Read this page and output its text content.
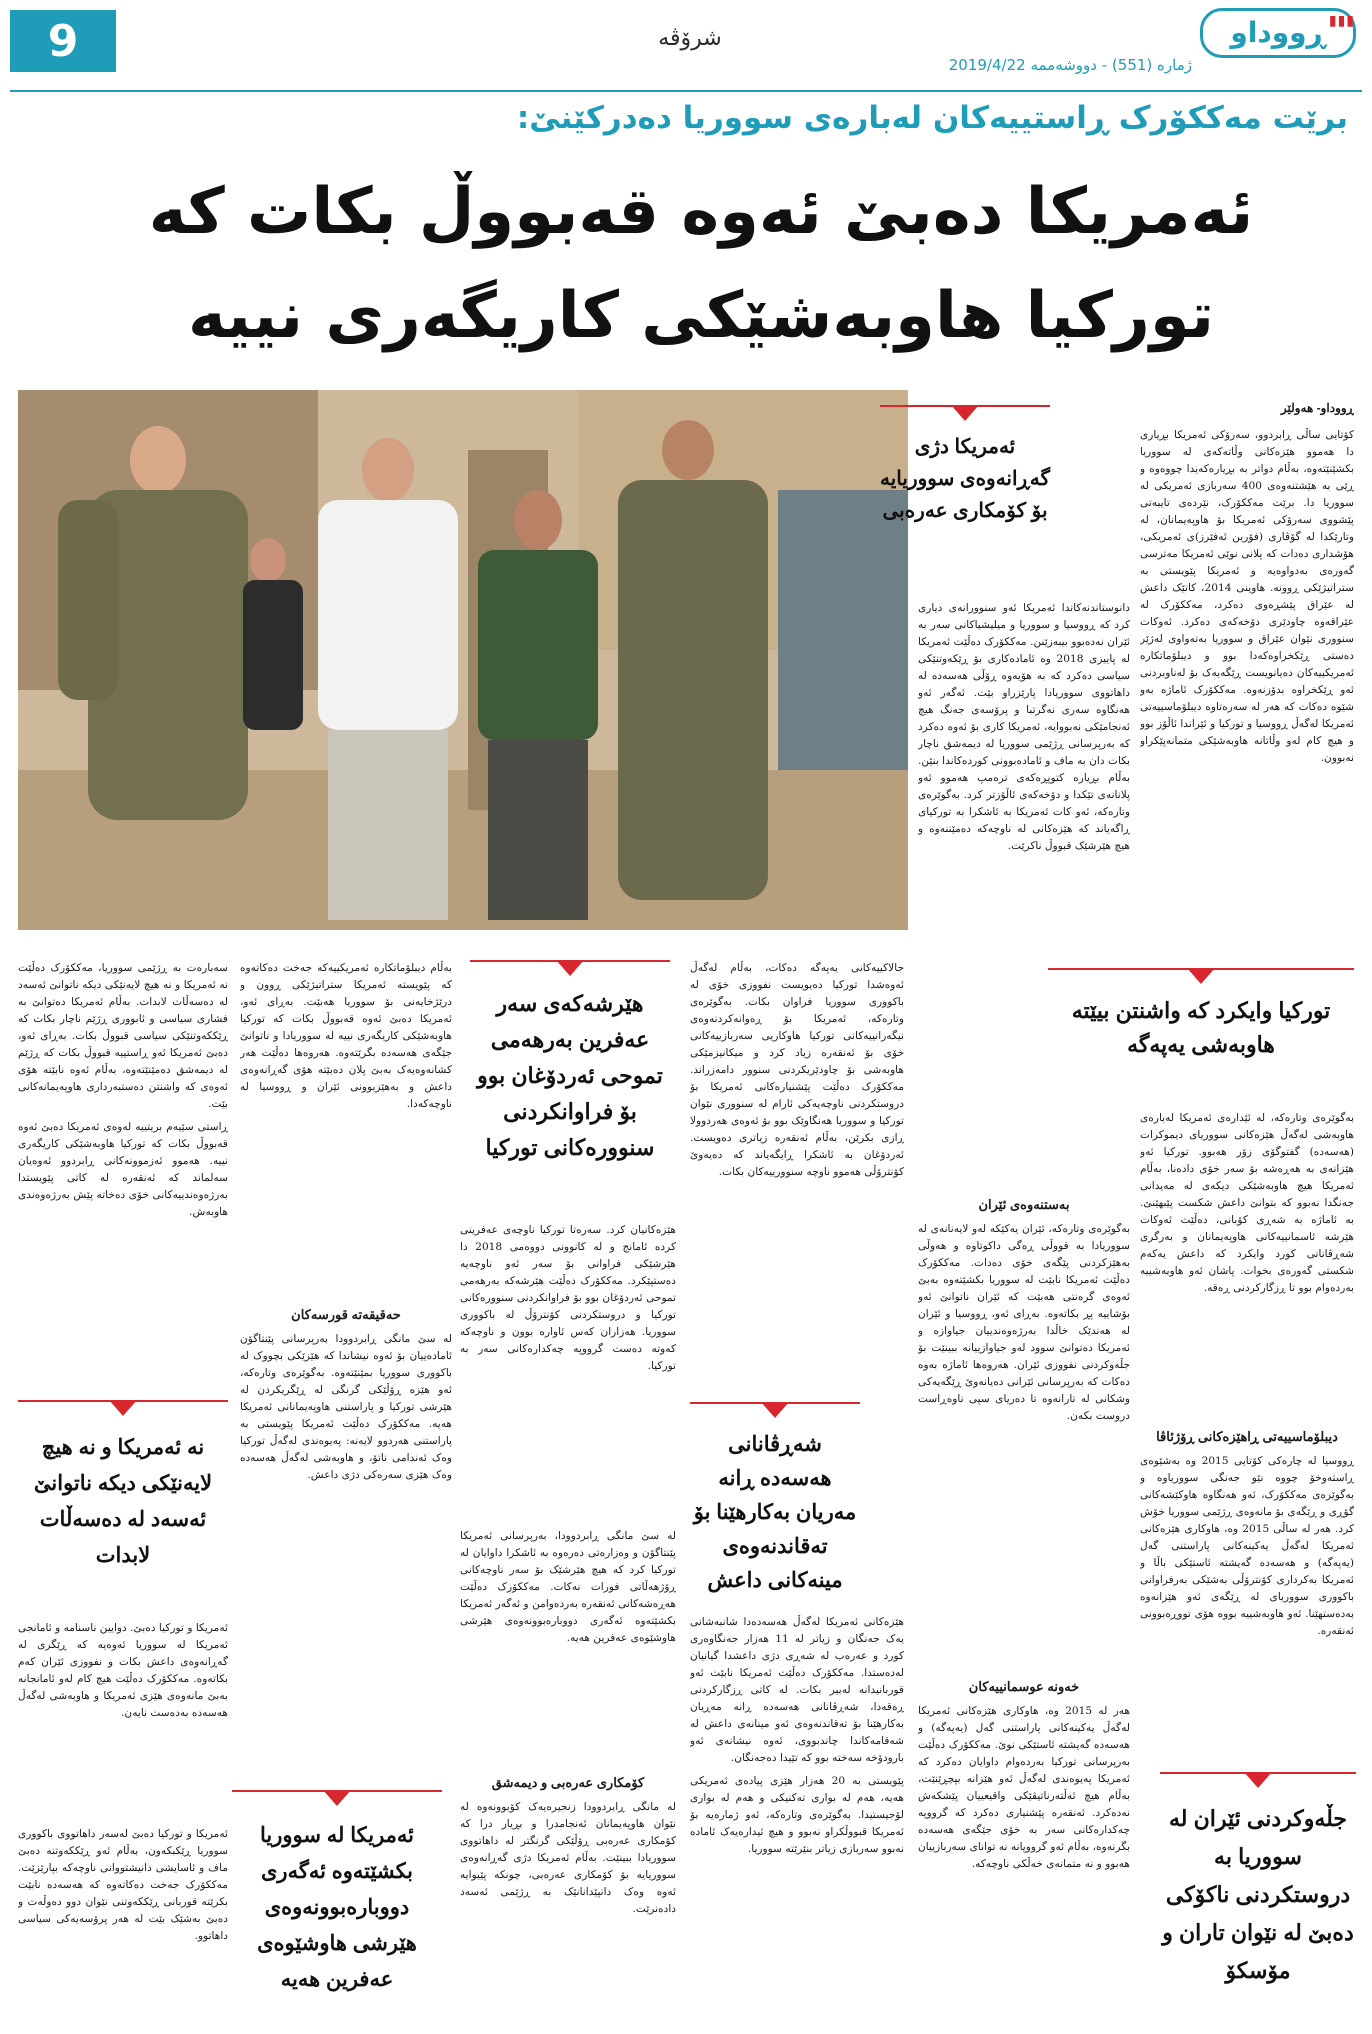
9	شرۆڤە	ڕووداو ▮▮▮
ژمارە (551) - دووشەممە 2019/4/22
برێت مەککۆرک ڕاستییەکان لەبارەی سووریا دەدرکێنێ:
ئەمریکا دەبێ ئەوە قەبووڵ بکات کە تورکیا هاوبەشێکی کاریگەری نییە
ئەمریکا دژی گەڕانەوەی سووریایە بۆ کۆمکاری عەرەبی
تورکیا وایکرد کە واشنتن بیێتە هاوبەشی یەپەگە
هێرشەکەی سەر عەفرین بەرهەمی تموحی ئەردۆغان بوو بۆ فراوانکردنی سنوورەکانی تورکیا
شەڕڤانانی هەسەدە ڕانە مەریان بەکارهێنا بۆ تەقاندنەوەی مینەکانی داعش
نە ئەمریکا و نە هیچ لایەنێکی دیکە ناتوانێ ئەسەد لە دەسەڵات لابدات
ئەمریکا لە سووریا بکشێتەوە ئەگەری دووبارەبوونەوەی هێرشی هاوشێوەی عەفرین هەیە
جڵەوکردنی ئێران لە سووریا بە دروستکردنی ناکۆکی دەبێ لە نێوان تاران و مۆسکۆ

ڕووداو- هەولێر

کۆتایی ساڵی ڕابردوو، سەرۆکی ئەمریکا بڕیاری دا هەموو هێزەکانی وڵاتەکەی لە سووریا بکشێنێتەوە، بەڵام دواتر بە بڕیارەکەیدا چووەوە و ڕێی بە هێشتنەوەی 400 سەربازی ئەمریکی لە سووریا دا. برێت مەککۆرک، نێردەی تایبەتی پێشووی سەرۆکی ئەمریکا بۆ هاوپەیمانان، لە وتارێکدا لە گۆڤاری (فۆرین ئەفێرز)ی ئەمریکی، هۆشداری دەدات کە پلانی نوێی ئەمریکا مەترسی گەورەی بەدواوەیە و ئەمریکا پێویستی بە ستراتیژێکی ڕوونە. هاوینی 2014، کاتێک داعش لە عێراق پێشڕەوی دەکرد، مەککۆرک لە عێراقەوە چاودێری دۆخەکەی دەکرد. ئەوکات سنووری نێوان عێراق و سووریا بەتەواوی لەژێر دەستی ڕێکخراوەکەدا بوو و دیبلۆماتکارە ئەمریکییەکان دەیانویست ڕێگەیەک بۆ لەناوبردنی ئەو ڕێکخراوە بدۆزنەوە. مەککۆرک ئاماژە بەو شێوە دەکات کە هەر لە سەرەتاوە دیبلۆماسییەتی ئەمریکا لەگەڵ ڕووسیا و تورکیا و ئێراندا ئاڵۆز بوو و هیچ کام لەو وڵاتانە هاوبەشێکی متمانەپێکراو نەبوون.

بەگوێرەی وتارەکە، لە ئێدارەی ئەمریکا لەبارەی هاوبەشی لەگەڵ هێزەکانی سووریای دیموکرات (هەسەدە) گفتوگۆی زۆر هەبوو. تورکیا ئەو هێزانەی بە هەڕەشە بۆ سەر خۆی دادەنا، بەڵام ئەمریکا هیچ هاوبەشێکی دیکەی لە مەیدانی جەنگدا نەبوو کە بتوانێ داعش شکست پێبهێنێ. بە ئاماژە بە شەڕی کۆبانی، دەڵێت ئەوکات هێرشە ئاسمانییەکانی هاوپەیمانان و بەرگری شەڕڤانانی کورد وایکرد کە داعش یەکەم شکستی گەورەی بخوات. پاشان ئەو هاوبەشییە بەردەوام بوو تا ڕزگارکردنی ڕەقە.

دیبلۆماسییەتی ڕاهێزەکانی ڕۆژئاڤا

ڕووسیا لە چارەکی کۆتایی 2015 وە بەشێوەی ڕاستەوخۆ چووە نێو جەنگی سووریاوە و بەگوێرەی مەککۆرک، ئەو هەنگاوە هاوکێشەکانی گۆڕی و ڕێگەی بۆ مانەوەی ڕژێمی سووریا خۆش کرد. هەر لە ساڵی 2015 وە، هاوکاری هێزەکانی ئەمریکا لەگەڵ یەکینەکانی پاراستنی گەل (یەپەگە) و هەسەدە گەیشتە ئاستێکی باڵا و ئەمریکا بەکرداری کۆنترۆڵی بەشێکی بەرفراوانی باکووری سووریای لە ڕێگەی ئەو هێزانەوە بەدەستهێنا. ئەو هاوبەشییە بووە هۆی تووڕەبوونی ئەنقەرە.

دانوستاندنەکاندا ئەمریکا ئەو سنوورانەی دیاری کرد کە ڕووسیا و سووریا و میلیشیاکانی سەر بە ئێران نەدەبوو بیبەزێنن. مەککۆرک دەڵێت ئەمریکا لە پاییزی 2018 وە ئامادەکاری بۆ ڕێکەوتنێکی سیاسی دەکرد کە بە هۆیەوە ڕۆڵی هەسەدە لە داهاتووی سووریادا پارێزراو بێت. ئەگەر ئەو هەنگاوە سەری نەگرتبا و پرۆسەی جەنگ هیچ ئەنجامێکی نەبووایە، ئەمریکا کاری بۆ ئەوە دەکرد کە بەرپرسانی ڕژێمی سووریا لە دیمەشق ناچار بکات دان بە ماف و ئامادەبوونی کوردەکاندا بنێن. بەڵام بڕیارە کتوپڕەکەی ترەمپ هەموو ئەو پلانانەی تێکدا و دۆخەکەی ئاڵۆزتر کرد. بەگوێرەی وتارەکە، ئەو کات ئەمریکا بە ئاشکرا بە تورکیای ڕاگەیاند کە هێزەکانی لە ناوچەکە دەمێننەوە و هیچ هێرشێک قبووڵ ناکرێت.

بەستنەوەی ئێران

بەگوێرەی وتارەکە، ئێران یەکێکە لەو لایەنانەی لە سووریادا بە قووڵی ڕەگی داکوتاوە و هەوڵی بەهێزکردنی پێگەی خۆی دەدات. مەککۆرک دەڵێت ئەمریکا نابێت لە سووریا بکشێتەوە بەبێ ئەوەی گرەنتی هەبێت کە ئێران ناتوانێ ئەو بۆشاییە پڕ بکاتەوە. بەڕای ئەو، ڕووسیا و ئێران لە هەندێک خاڵدا بەرژەوەندییان جیاوازە و ئەمریکا دەتوانێ سوود لەو جیاوازییانە ببینێت بۆ جڵەوکردنی نفووزی ئێران. هەروەها ئاماژە بەوە دەکات کە بەرپرسانی ئێرانی دەیانەوێ ڕێگەیەکی وشکانی لە تارانەوە تا دەریای سپی ناوەڕاست دروست بکەن.

خەونە عوسمانییەکان

هەر لە 2015 وە، هاوکاری هێزەکانی ئەمریکا لەگەڵ یەکینەکانی پاراستنی گەل (یەپەگە) و هەسەدە گەیشتە ئاستێکی نوێ. مەککۆرک دەڵێت بەرپرسانی تورکیا بەردەوام داوایان دەکرد کە ئەمریکا پەیوەندی لەگەڵ ئەو هێزانە بپچڕێنێت، بەڵام هیچ ئەڵتەرناتیڤێکی واقیعییان پێشکەش نەدەکرد. ئەنقەرە پێشنیاری دەکرد کە گرووپە چەکدارەکانی سەر بە خۆی جێگەی هەسەدە بگرنەوە، بەڵام ئەو گرووپانە نە توانای سەربازییان هەبوو و نە متمانەی خەڵکی ناوچەکە.

جالاکییەکانی یەپەگە دەکات، بەڵام لەگەڵ ئەوەشدا تورکیا دەیویست نفووزی خۆی لە باکووری سووریا فراوان بکات. بەگوێرەی وتارەکە، ئەمریکا بۆ ڕەوانەکردنەوەی نیگەرانییەکانی تورکیا هاوکاریی سەربازییەکانی خۆی بۆ ئەنقەرە زیاد کرد و میکانیزمێکی هاوبەشی بۆ چاودێریکردنی سنوور دامەزراند. مەککۆرک دەڵێت پێشنیارەکانی ئەمریکا بۆ دروستکردنی ناوچەیەکی ئارام لە سنووری نێوان تورکیا و سووریا هەنگاوێک بوو بۆ ئەوەی هەردوولا ڕازی بکرێن، بەڵام ئەنقەرە زیاتری دەویست. ئەردۆغان بە ئاشکرا ڕایگەیاند کە دەیەوێ کۆنترۆڵی هەموو ناوچە سنوورییەکان بکات.

هێزەکانی ئەمریکا لەگەڵ هەسەدەدا شانبەشانی یەک جەنگان و زیاتر لە 11 هەزار جەنگاوەری کورد و عەرەب لە شەڕی دژی داعشدا گیانیان لەدەستدا. مەککۆرک دەڵێت ئەمریکا نابێت ئەو قوربانیدانە لەبیر بکات. لە کاتی ڕزگارکردنی ڕەقەدا، شەڕڤانانی هەسەدە ڕانە مەڕیان بەکارهێنا بۆ تەقاندنەوەی ئەو مینانەی داعش لە شەقامەکاندا چاندبووی، ئەوە نیشانەی ئەو بارودۆخە سەختە بوو کە تێیدا دەجەنگان.

پێویستی بە 20 هەزار هێزی پیادەی ئەمریکی هەیە، هەم لە بواری تەکنیکی و هەم لە بواری لۆجیستیدا. بەگوێرەی وتارەکە، ئەو ژمارەیە بۆ ئەمریکا قبووڵکراو نەبوو و هیچ ئیدارەیەک ئامادە نەبوو سەربازی زیاتر بنێرێتە سووریا.

هێزەکانیان کرد. سەرەتا تورکیا ناوچەی عەفرینی کردە ئامانج و لە کانوونی دووەمی 2018 دا هێرشێکی فراوانی بۆ سەر ئەو ناوچەیە دەستپێکرد. مەککۆرک دەڵێت هێرشەکە بەرهەمی تموحی ئەردۆغان بوو بۆ فراوانکردنی سنوورەکانی تورکیا و دروستکردنی کۆنترۆڵ لە باکووری سووریا. هەزاران کەس ئاوارە بوون و ناوچەکە کەوتە دەست گرووپە چەکدارەکانی سەر بە تورکیا.

لە سێ مانگی ڕابردوودا، بەرپرسانی ئەمریکا پێنتاگۆن و وەزارەتی دەرەوە بە ئاشکرا داوایان لە تورکیا کرد کە هیچ هێرشێک بۆ سەر ناوچەکانی ڕۆژهەڵاتی فورات نەکات. مەککۆرک دەڵێت هەڕەشەکانی ئەنقەرە بەردەوامن و ئەگەر ئەمریکا بکشێتەوە ئەگەری دووبارەبوونەوەی هێرشی هاوشێوەی عەفرین هەیە.

کۆمکاری عەرەبی و دیمەشق

لە مانگی ڕابردوودا زنجیرەیەک کۆبوونەوە لە نێوان هاوپەیمانان ئەنجامدرا و بڕیار درا کە کۆمکاری عەرەبی ڕۆڵێکی گرنگتر لە داهاتووی سووریادا ببینێت. بەڵام ئەمریکا دژی گەڕانەوەی سووریایە بۆ کۆمکاری عەرەبی، چونکە پێیوایە ئەوە وەک دانپێدانانێک بە ڕژێمی ئەسەد دادەنرێت.

بەڵام دیبلۆماتکارە ئەمریکییەکە جەخت دەکاتەوە کە پێویستە ئەمریکا ستراتیژێکی ڕوون و درێژخایەنی بۆ سووریا هەبێت. بەڕای ئەو، ئەمریکا دەبێ ئەوە قەبووڵ بکات کە تورکیا هاوبەشێکی کاریگەری نییە لە سووریادا و ناتوانێ جێگەی هەسەدە بگرێتەوە. هەروەها دەڵێت هەر کشانەوەیەک بەبێ پلان دەبێتە هۆی گەڕانەوەی داعش و بەهێزبوونی ئێران و ڕووسیا لە ناوچەکەدا.

حەقیقەتە قورسەکان

لە سێ مانگی ڕابردوودا بەرپرسانی پێنتاگۆن ئامادەییان بۆ ئەوە نیشاندا کە هێزێکی بچووک لە باکووری سووریا بمێنێتەوە. بەگوێرەی وتارەکە، ئەو هێزە ڕۆڵێکی گرنگی لە ڕێگریکردن لە هێرشی تورکیا و پاراستنی هاوپەیمانانی ئەمریکا هەیە. مەککۆرک دەڵێت ئەمریکا پێویستی بە پاراستنی هەردوو لایەنە: پەیوەندی لەگەڵ تورکیا وەک ئەندامی ناتۆ، و هاوبەشی لەگەڵ هەسەدە وەک هێزی سەرەکی دژی داعش.

ئەمریکا و تورکیا دەبێ. دوایین ناسنامە و ئامانجی ئەمریکا لە سووریا ئەوەیە کە ڕێگری لە گەڕانەوەی داعش بکات و نفووزی ئێران کەم بکاتەوە. مەککۆرک دەڵێت هیچ کام لەو ئامانجانە بەبێ مانەوەی هێزی ئەمریکا و هاوبەشی لەگەڵ هەسەدە بەدەست نایەن.

سەبارەت بە ڕژێمی سووریا، مەککۆرک دەڵێت نە ئەمریکا و نە هیچ لایەنێکی دیکە ناتوانێ ئەسەد لە دەسەڵات لابدات. بەڵام ئەمریکا دەتوانێ بە فشاری سیاسی و ئابووری ڕژێم ناچار بکات کە ڕێککەوتنێکی سیاسی قبووڵ بکات. بەڕای ئەو، دەبێ ئەمریکا ئەو ڕاستییە قبووڵ بکات کە ڕژێم لە دیمەشق دەمێنێتەوە، بەڵام ئەوە نابێتە هۆی ئەوەی کە واشنتن دەستبەرداری هاوپەیمانەکانی بێت.

ڕاستی سێیەم بریتییە لەوەی ئەمریکا دەبێ ئەوە قەبووڵ بکات کە تورکیا هاوبەشێکی کاریگەری نییە. هەموو ئەزموونەکانی ڕابردوو ئەوەیان سەلماند کە ئەنقەرە لە کاتی پێویستدا بەرژەوەندییەکانی خۆی دەخاتە پێش بەرژەوەندی هاوبەش.

ئەمریکا و تورکیا دەبێ لەسەر داهاتووی باکووری سووریا ڕێکبکەون، بەڵام ئەو ڕێککەوتنە دەبێ ماف و ئاسایشی دانیشتووانی ناوچەکە بپارێزێت. مەککۆرک جەخت دەکاتەوە کە هەسەدە نابێت بکرێتە قوربانی ڕێککەوتنی نێوان دوو دەوڵەت و دەبێ بەشێک بێت لە هەر پرۆسەیەکی سیاسی داهاتوو.
